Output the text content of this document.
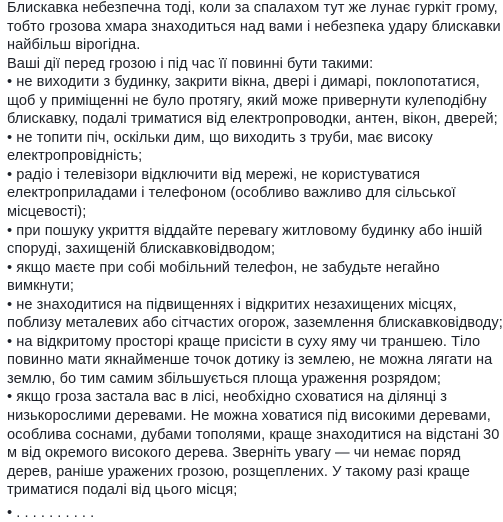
Блискавка небезпечна тоді, коли за спалахом тут же лунає гуркіт грому,
тобто грозова хмара знаходиться над вами і небезпека удару блискавки
найбільш вірогідна.
Ваші дії перед грозою і під час її повинні бути такими:
• не виходити з будинку, закрити вікна, двері і димарі, поклопотатися,
щоб у приміщенні не було протягу, який може привернути кулеподібну
блискавку, подалі триматися від електропроводки, антен, вікон, дверей;
• не топити піч, оскільки дим, що виходить з труби, має високу
електропровідність;
• радіо і телевізори відключити від мережі, не користуватися
електроприладами і телефоном (особливо важливо для сільської
місцевості);
• при пошуку укриття віддайте перевагу житловому будинку або іншій
споруді, захищеній блискавковідводом;
• якщо маєте при собі мобільний телефон, не забудьте негайно
вимкнути;
• не знаходитися на підвищеннях і відкритих незахищених місцях,
поблизу металевих або сітчастих огорож, заземлення блискавковідводу;
• на відкритому просторі краще присісти в суху яму чи траншею. Тіло
повинно мати якнайменше точок дотику із землею, не можна лягати на
землю, бо тим самим збільшується площа ураження розрядом;
• якщо гроза застала вас в лісі, необхідно сховатися на ділянці з
низькорослими деревами. Не можна ховатися під високими деревами,
особлива соснами, дубами тополями, краще знаходитися на відстані 30
м від окремого високого дерева. Зверніть увагу — чи немає поряд
дерев, раніше уражених грозою, розщеплених. У такому разі краще
триматися подалі від цього місця;
• . . . . . . . . . .
